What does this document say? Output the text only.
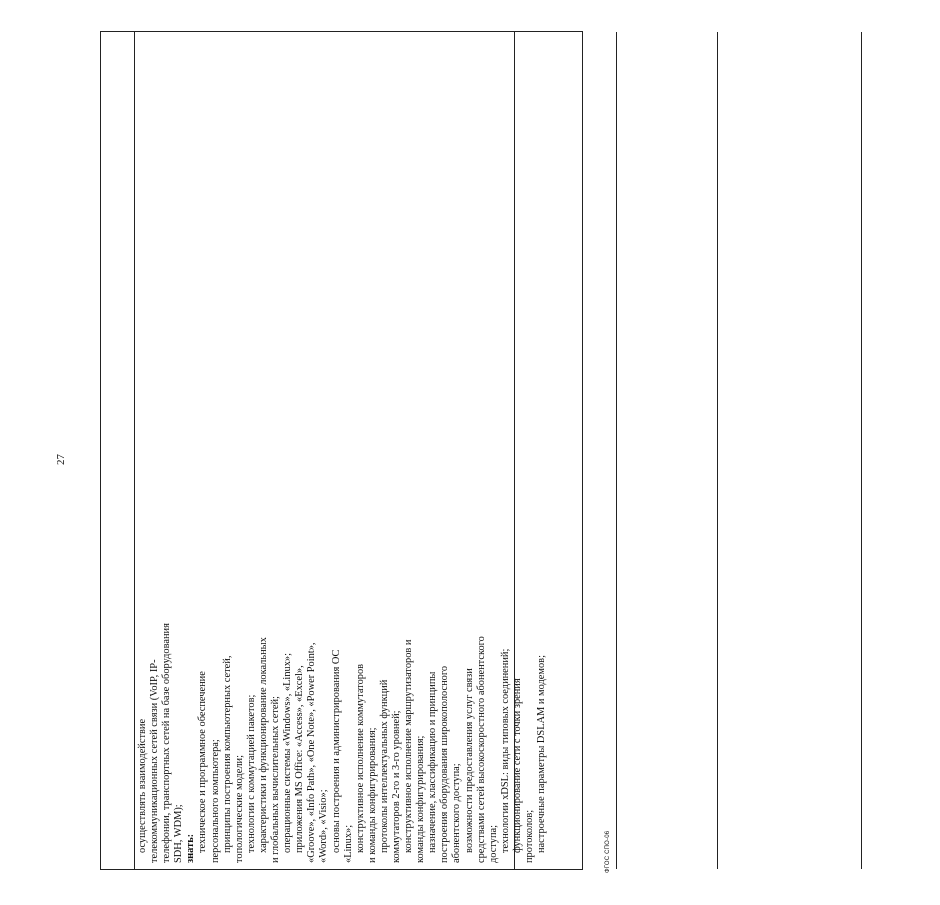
27

осуществлять взаимодействие телекоммуникационных сетей связи (VoIP, IP- телефонии, транспортных сетей на базе оборудования SDH, WDM); знать: техническое и программное обеспечение персонального компьютера; принципы построения компьютерных сетей, топологические модели; технологии с коммутацией пакетов; характеристики и функционирование локальных и глобальных вычислительных сетей; операционные системы «Windows», «Linux»; приложения MS Office: «Access», «Excel», «Groove», «Info Path», «One Note», «Power Point», «Word», «Visio»; основы построения и администрирования ОС «Linux»; конструктивное исполнение коммутаторов и команды конфигурирования; протоколы интеллектуальных функций коммутаторов 2-го и 3-го уровней; конструктивное исполнение маршрутизаторов и команды конфигурирования; назначение, классификацию и принципы построения оборудования широкополосного абонентского доступа; возможности предоставления услуг связи средствами сетей высокоскоростного абонентского доступа; технологии xDSL: виды типовых соединений; функционирование сети с точки зрения протоколов; настроечные параметры DSLAM и модемов;	ФГОС СПО-06
